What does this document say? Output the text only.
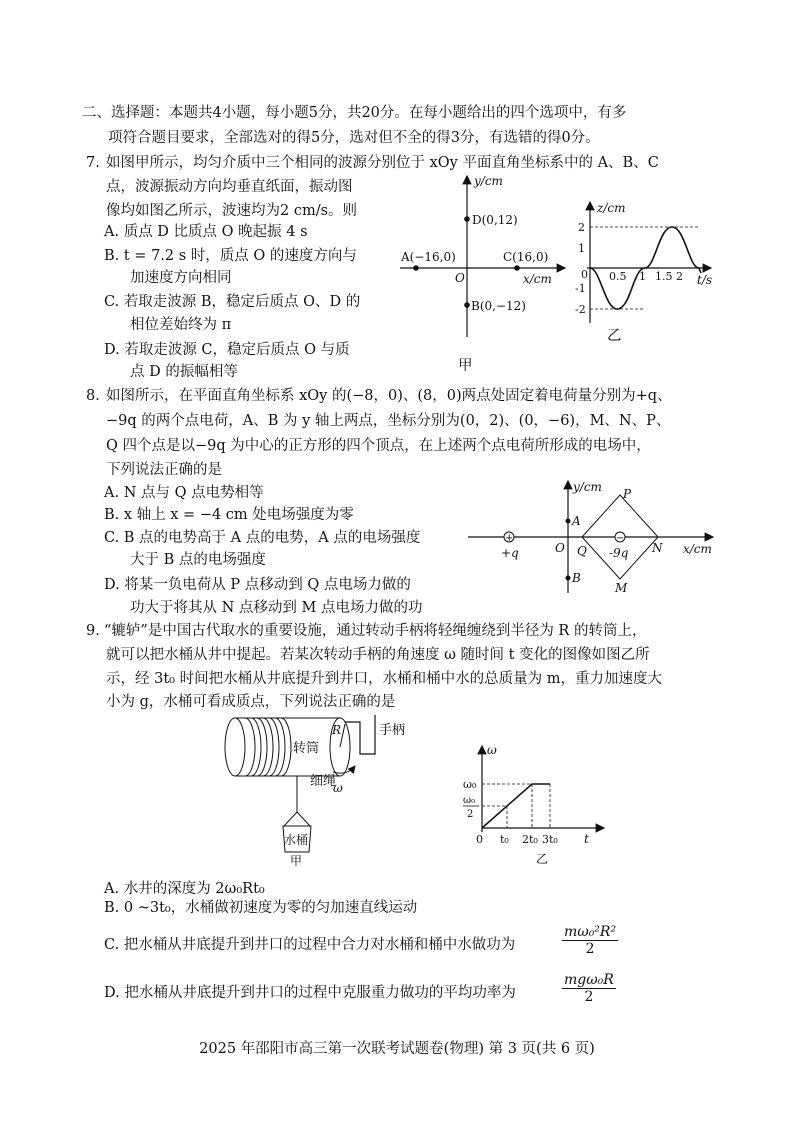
二、选择题：本题共4小题，每小题5分，共20分。在每小题给出的四个选项中，有多
项符合题目要求，全部选对的得5分，选对但不全的得3分，有选错的得0分。
7. 如图甲所示，均匀介质中三个相同的波源分别位于 xOy 平面直角坐标系中的 A、B、C
点，波源振动方向均垂直纸面，振动图
像均如图乙所示，波速均为2 cm/s。则
A. 质点 D 比质点 O 晚起振 4 s
B. t = 7.2 s 时，质点 O 的速度方向与
加速度方向相同
C. 若取走波源 B，稳定后质点 O、D 的
相位差始终为 π
D. 若取走波源 C，稳定后质点 O 与质
点 D 的振幅相等
y/cm
x/cm
O
D(0,12)
A(−16,0)	C(16,0)
B(0,−12)
甲
z/cm
t/s
0
2
1
-1
-2
0.5 1 1.5 2
乙
8. 如图所示，在平面直角坐标系 xOy 的(−8，0)、(8，0)两点处固定着电荷量分别为+q、
−9q 的两个点电荷，A、B 为 y 轴上两点，坐标分别为(0，2)、(0，−6)，M、N、P、
Q 四个点是以−9q 为中心的正方形的四个顶点，在上述两个点电荷所形成的电场中，
下列说法正确的是
A. N 点与 Q 点电势相等
B. x 轴上 x = −4 cm 处电场强度为零
C. B 点的电势高于 A 点的电势，A 点的电场强度
大于 B 点的电场强度
D. 将某一负电荷从 P 点移动到 Q 点电场力做的
功大于将其从 N 点移动到 M 点电场力做的功
y/cm
x/cm
O
+
+q
−
-9q
P
Q	N
M
A
B
9. “辘轳”是中国古代取水的重要设施，通过转动手柄将轻绳缠绕到半径为 R 的转筒上，
就可以把水桶从井中提起。若某次转动手柄的角速度 ω 随时间 t 变化的图像如图乙所
示，经 3t₀ 时间把水桶从井底提升到井口，水桶和桶中水的总质量为 m，重力加速度大
小为 g，水桶可看成质点，下列说法正确的是
转筒
R	手柄
ω
细绳
水桶
甲
ω
t
0
ω₀
ω₀
2
t₀ 2t₀ 3t₀
乙
A. 水井的深度为 2ω₀Rt₀
B. 0 ~3t₀，水桶做初速度为零的匀加速直线运动
C. 把水桶从井底提升到井口的过程中合力对水桶和桶中水做功为	$\frac{\text{mω₀²R²}}{2}$
D. 把水桶从井底提升到井口的过程中克服重力做功的平均功率为
mgω₀R
2
2025 年邵阳市高三第一次联考试题卷(物理) 第 3 页(共 6 页)
